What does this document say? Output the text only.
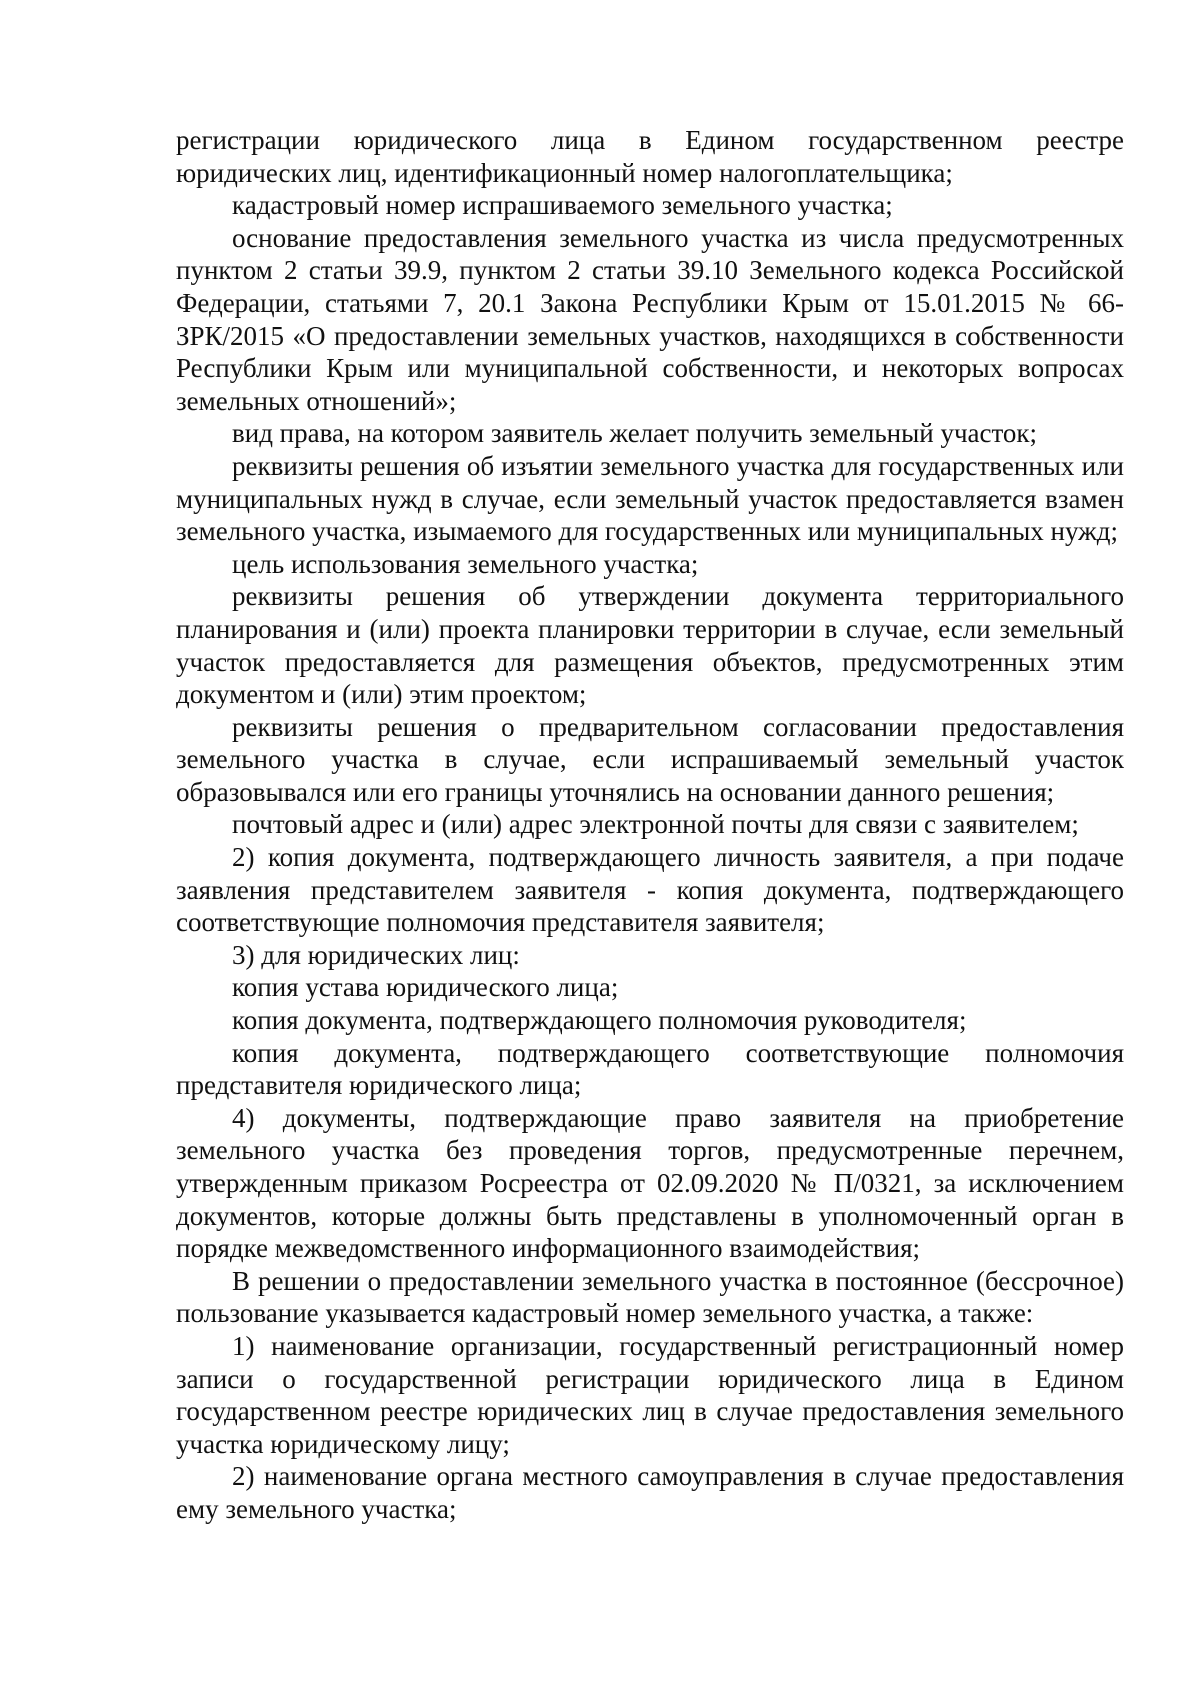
регистрации юридического лица в Едином государственном реестре юридических лиц, идентификационный номер налогоплательщика;

кадастровый номер испрашиваемого земельного участка;

основание предоставления земельного участка из числа предусмотренных пунктом 2 статьи 39.9, пунктом 2 статьи 39.10 Земельного кодекса Российской Федерации, статьями 7, 20.1 Закона Республики Крым от 15.01.2015 № 66-ЗРК/2015 «О предоставлении земельных участков, находящихся в собственности Республики Крым или муниципальной собственности, и некоторых вопросах земельных отношений»;

вид права, на котором заявитель желает получить земельный участок;

реквизиты решения об изъятии земельного участка для государственных или муниципальных нужд в случае, если земельный участок предоставляется взамен земельного участка, изымаемого для государственных или муниципальных нужд;

цель использования земельного участка;

реквизиты решения об утверждении документа территориального планирования и (или) проекта планировки территории в случае, если земельный участок предоставляется для размещения объектов, предусмотренных этим документом и (или) этим проектом;

реквизиты решения о предварительном согласовании предоставления земельного участка в случае, если испрашиваемый земельный участок образовывался или его границы уточнялись на основании данного решения;

почтовый адрес и (или) адрес электронной почты для связи с заявителем;

2) копия документа, подтверждающего личность заявителя, а при подаче заявления представителем заявителя - копия документа, подтверждающего соответствующие полномочия представителя заявителя;

3) для юридических лиц:

копия устава юридического лица;

копия документа, подтверждающего полномочия руководителя;

копия документа, подтверждающего соответствующие полномочия представителя юридического лица;

4) документы, подтверждающие право заявителя на приобретение земельного участка без проведения торгов, предусмотренные перечнем, утвержденным приказом Росреестра от 02.09.2020 № П/0321, за исключением документов, которые должны быть представлены в уполномоченный орган в порядке межведомственного информационного взаимодействия;

В решении о предоставлении земельного участка в постоянное (бессрочное) пользование указывается кадастровый номер земельного участка, а также:

1) наименование организации, государственный регистрационный номер записи о государственной регистрации юридического лица в Едином государственном реестре юридических лиц в случае предоставления земельного участка юридическому лицу;

2) наименование органа местного самоуправления в случае предоставления ему земельного участка;
